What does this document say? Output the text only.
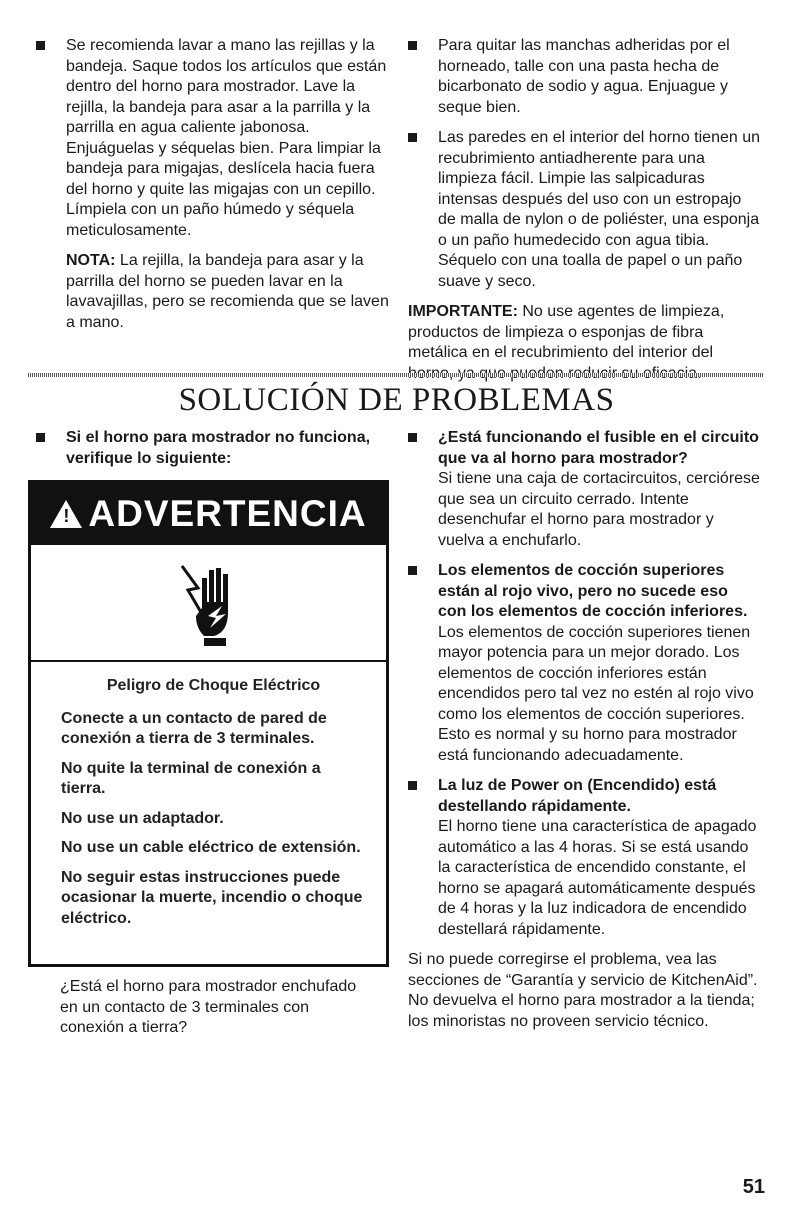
Se recomienda lavar a mano las rejillas y la bandeja. Saque todos los artículos que están dentro del horno para mostrador. Lave la rejilla, la bandeja para asar a la parrilla y la parrilla en agua caliente jabonosa. Enjuáguelas y séquelas bien. Para limpiar la bandeja para migajas, deslícela hacia fuera del horno y quite las migajas con un cepillo. Límpiela con un paño húmedo y séquela meticulosamente.

NOTA: La rejilla, la bandeja para asar y la parrilla del horno se pueden lavar en la lavavajillas, pero se recomienda que se laven a mano.

Para quitar las manchas adheridas por el horneado, talle con una pasta hecha de bicarbonato de sodio y agua. Enjuague y seque bien.

Las paredes en el interior del horno tienen un recubrimiento antiadherente para una limpieza fácil. Limpie las salpicaduras intensas después del uso con un estropajo de malla de nylon o de poliéster, una esponja o un paño humedecido con agua tibia. Séquelo con una toalla de papel o un paño suave y seco.

IMPORTANTE: No use agentes de limpieza, productos de limpieza o esponjas de fibra metálica en el recubrimiento del interior del
SOLUCIÓN DE PROBLEMAS

Si el horno para mostrador no funciona, verifique lo siguiente:

! ADVERTENCIA

Peligro de Choque Eléctrico

Conecte a un contacto de pared de conexión a tierra de 3 terminales.

No quite la terminal de conexión a tierra.

No use un adaptador.

No use un cable eléctrico de extensión.

No seguir estas instrucciones puede ocasionar la muerte, incendio o choque eléctrico.

¿Está el horno para mostrador enchufado en un contacto de 3 terminales con conexión a tierra?

¿Está funcionando el fusible en el circuito que va al horno para mostrador?

Si tiene una caja de cortacircuitos, cerciórese que sea un circuito cerrado. Intente desenchufar el horno para mostrador y vuelva a enchufarlo.

Los elementos de cocción superiores están al rojo vivo, pero no sucede eso con los elementos de cocción inferiores.

Los elementos de cocción superiores tienen mayor potencia para un mejor dorado. Los elementos de cocción inferiores están encendidos pero tal vez no estén al rojo vivo como los elementos de cocción superiores. Esto es normal y su horno para mostrador está funcionando adecuadamente.

La luz de Power on (Encendido) está destellando rápidamente.

El horno tiene una característica de apagado automático a las 4 horas. Si se está usando la característica de encendido constante, el horno se apagará automáticamente después de 4 horas y la luz indicadora de encendido destellará rápidamente.

Si no puede corregirse el problema, vea las secciones de “Garantía y servicio de KitchenAid”. No devuelva el horno para mostrador a la tienda; los minoristas no proveen servicio técnico.

51
